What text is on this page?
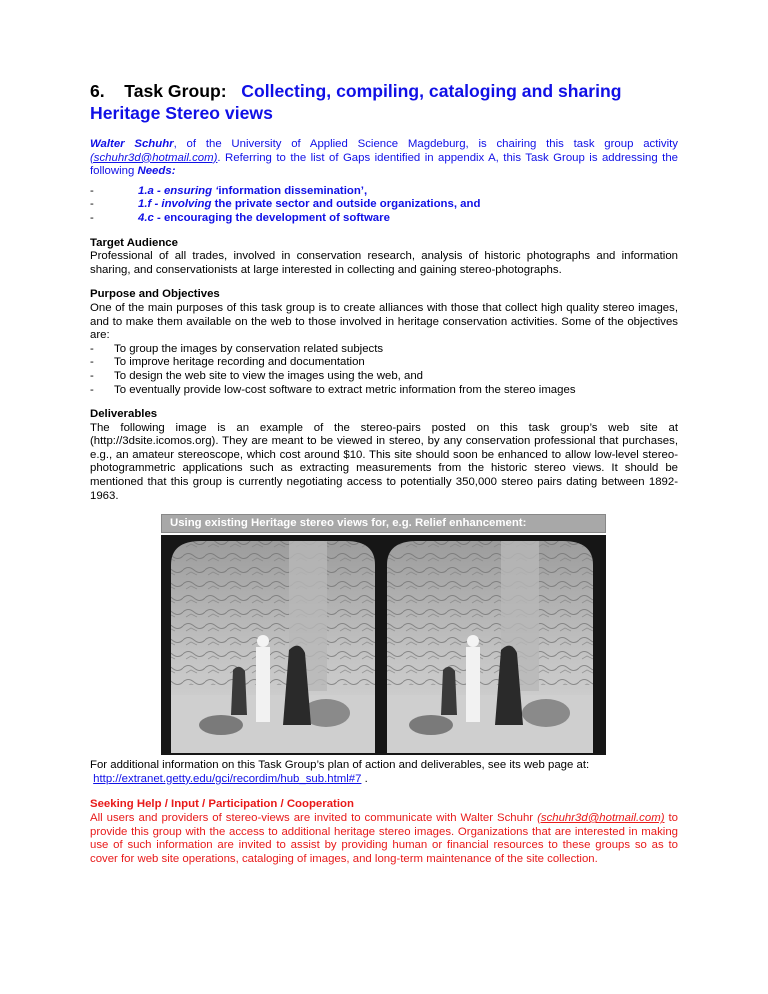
6. Task Group: Collecting, compiling, cataloging and sharing
Heritage Stereo views

Walter Schuhr, of the University of Applied Science Magdeburg, is chairing this task group activity (schuhr3d@hotmail.com). Referring to the list of Gaps identified in appendix A, this Task Group is addressing the following Needs:

-	1.a - ensuring ‘information dissemination’,
-	1.f - involving the private sector and outside organizations, and
-	4.c - encouraging the development of software
Target Audience

Professional of all trades, involved in conservation research, analysis of historic photographs and information sharing, and conservationists at large interested in collecting and gaining stereo-photographs.

Purpose and Objectives

One of the main purposes of this task group is to create alliances with those that collect high quality stereo images, and to make them available on the web to those involved in heritage conservation activities. Some of the objectives are:

- To group the images by conservation related subjects
- To improve heritage recording and documentation
- To design the web site to view the images using the web, and
- To eventually provide low-cost software to extract metric information from the stereo images
Deliverables

The following image is an example of the stereo-pairs posted on this task group’s web site at (http://3dsite.icomos.org). They are meant to be viewed in stereo, by any conservation professional that purchases, e.g., an amateur stereoscope, which cost around $10. This site should soon be enhanced to allow low-level stereo-photogrammetric applications such as extracting measurements from the historic stereo views. It should be mentioned that this group is currently negotiating access to potentially 350,000 stereo pairs dating between 1892-1963.

Using existing Heritage stereo views for, e.g. Relief enhancement:

For additional information on this Task Group’s plan of action and deliverables, see its web page at:
http://extranet.getty.edu/gci/recordim/hub_sub.html#7 .

Seeking Help / Input / Participation / Cooperation

All users and providers of stereo-views are invited to communicate with Walter Schuhr (schuhr3d@hotmail.com) to provide this group with the access to additional heritage stereo images. Organizations that are interested in making use of such information are invited to assist by providing human or financial resources to these groups so as to cover for web site operations, cataloging of images, and long-term maintenance of the site collection.
